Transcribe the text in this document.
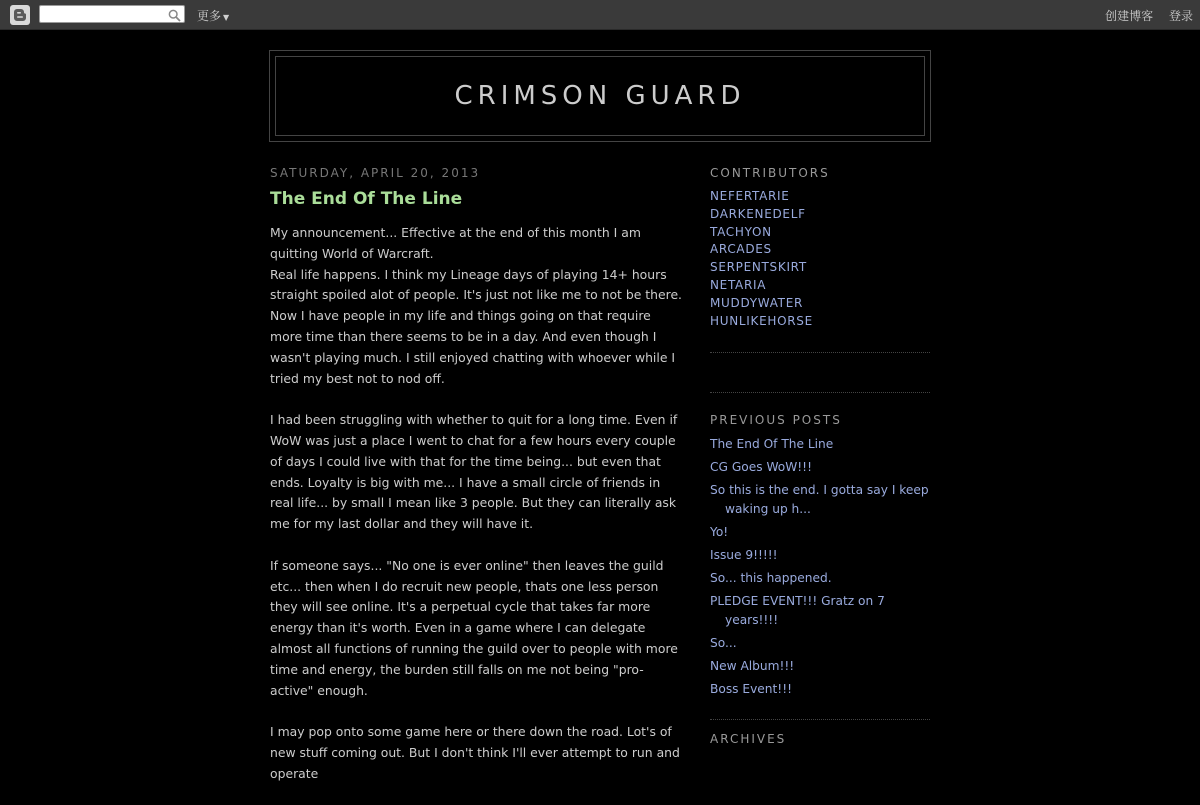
更多 ▼	创建博客 登录
CRIMSON GUARD
SATURDAY, APRIL 20, 2013
The End Of The Line

My announcement... Effective at the end of this month I am quitting World of Warcraft.
Real life happens. I think my Lineage days of playing 14+ hours straight spoiled alot of people. It's just not like me to not be there. Now I have people in my life and things going on that require more time than there seems to be in a day. And even though I wasn't playing much. I still enjoyed chatting with whoever while I tried my best not to nod off.

I had been struggling with whether to quit for a long time. Even if WoW was just a place I went to chat for a few hours every couple of days I could live with that for the time being... but even that ends. Loyalty is big with me... I have a small circle of friends in real life... by small I mean like 3 people. But they can literally ask me for my last dollar and they will have it.

If someone says... "No one is ever online" then leaves the guild etc... then when I do recruit new people, thats one less person they will see online. It's a perpetual cycle that takes far more energy than it's worth. Even in a game where I can delegate almost all functions of running the guild over to people with more time and energy, the burden still falls on me not being "pro-active" enough.

I may pop onto some game here or there down the road. Lot's of new stuff coming out. But I don't think I'll ever attempt to run and operate

CONTRIBUTORS
NEFERTARIE
DARKENEDELF
TACHYON
ARCADES
SERPENTSKIRT
NETARIA
MUDDYWATER
HUNLIKEHORSE
PREVIOUS POSTS
The End Of The Line
CG Goes WoW!!!
So this is the end. I gotta say I keep waking up h...
Yo!
Issue 9!!!!!
So... this happened.
PLEDGE EVENT!!! Gratz on 7 years!!!!
So...
New Album!!!
Boss Event!!!
ARCHIVES
